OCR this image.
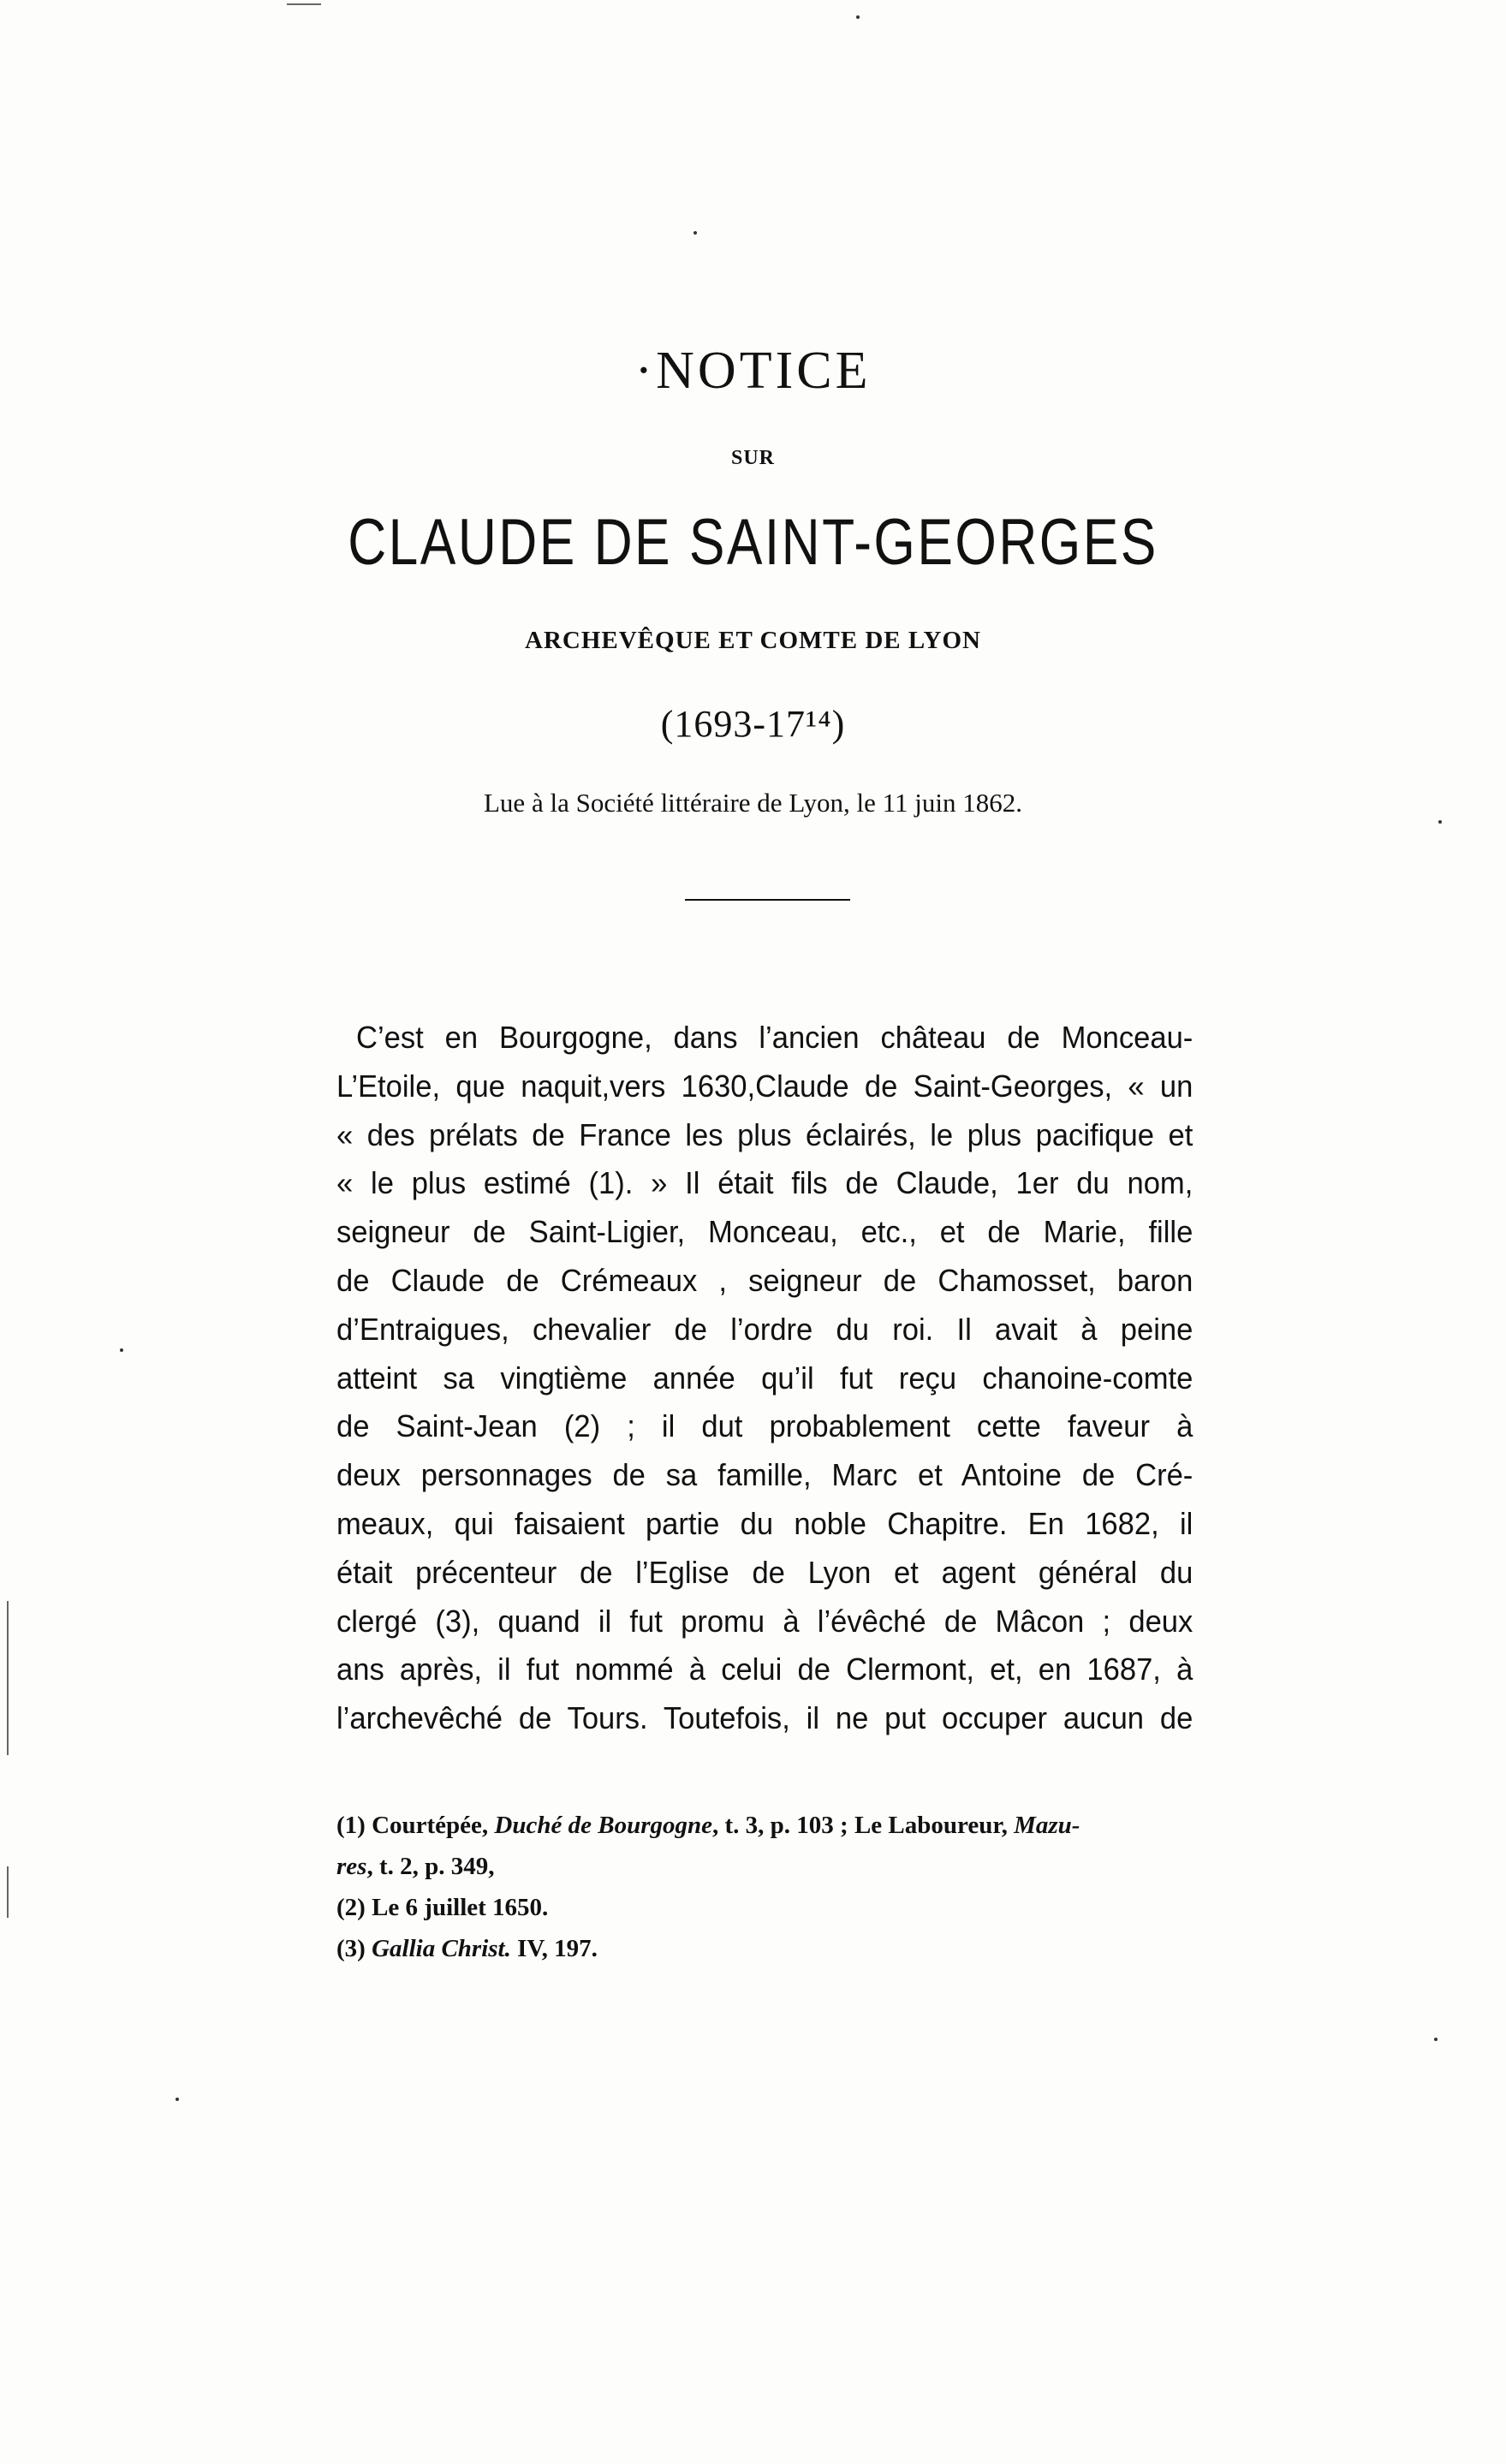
·NOTICE
SUR
CLAUDE DE SAINT-GEORGES
ARCHEVÊQUE ET COMTE DE LYON
(1693-17¹⁴)
Lue à la Société littéraire de Lyon, le 11 juin 1862.
C’est en Bourgogne, dans l’ancien château de Monceau-
L’Etoile, que naquit,vers 1630,Claude de Saint-Georges, « un
« des prélats de France les plus éclairés, le plus pacifique et
« le plus estimé (1). » Il était fils de Claude, 1er du nom,
seigneur de Saint-Ligier, Monceau, etc., et de Marie, fille
de Claude de Crémeaux , seigneur de Chamosset, baron
d’Entraigues, chevalier de l’ordre du roi. Il avait à peine
atteint sa vingtième année qu’il fut reçu chanoine-comte
de Saint-Jean (2) ; il dut probablement cette faveur à
deux personnages de sa famille, Marc et Antoine de Cré-
meaux, qui faisaient partie du noble Chapitre. En 1682, il
était précenteur de l’Eglise de Lyon et agent général du
clergé (3), quand il fut promu à l’évêché de Mâcon ; deux
ans après, il fut nommé à celui de Clermont, et, en 1687, à
l’archevêché de Tours. Toutefois, il ne put occuper aucun de
(1) Courtépée, Duché de Bourgogne, t. 3, p. 103 ; Le Laboureur, Mazu-
res, t. 2, p. 349,
(2) Le 6 juillet 1650.
(3) Gallia Christ. IV, 197.
